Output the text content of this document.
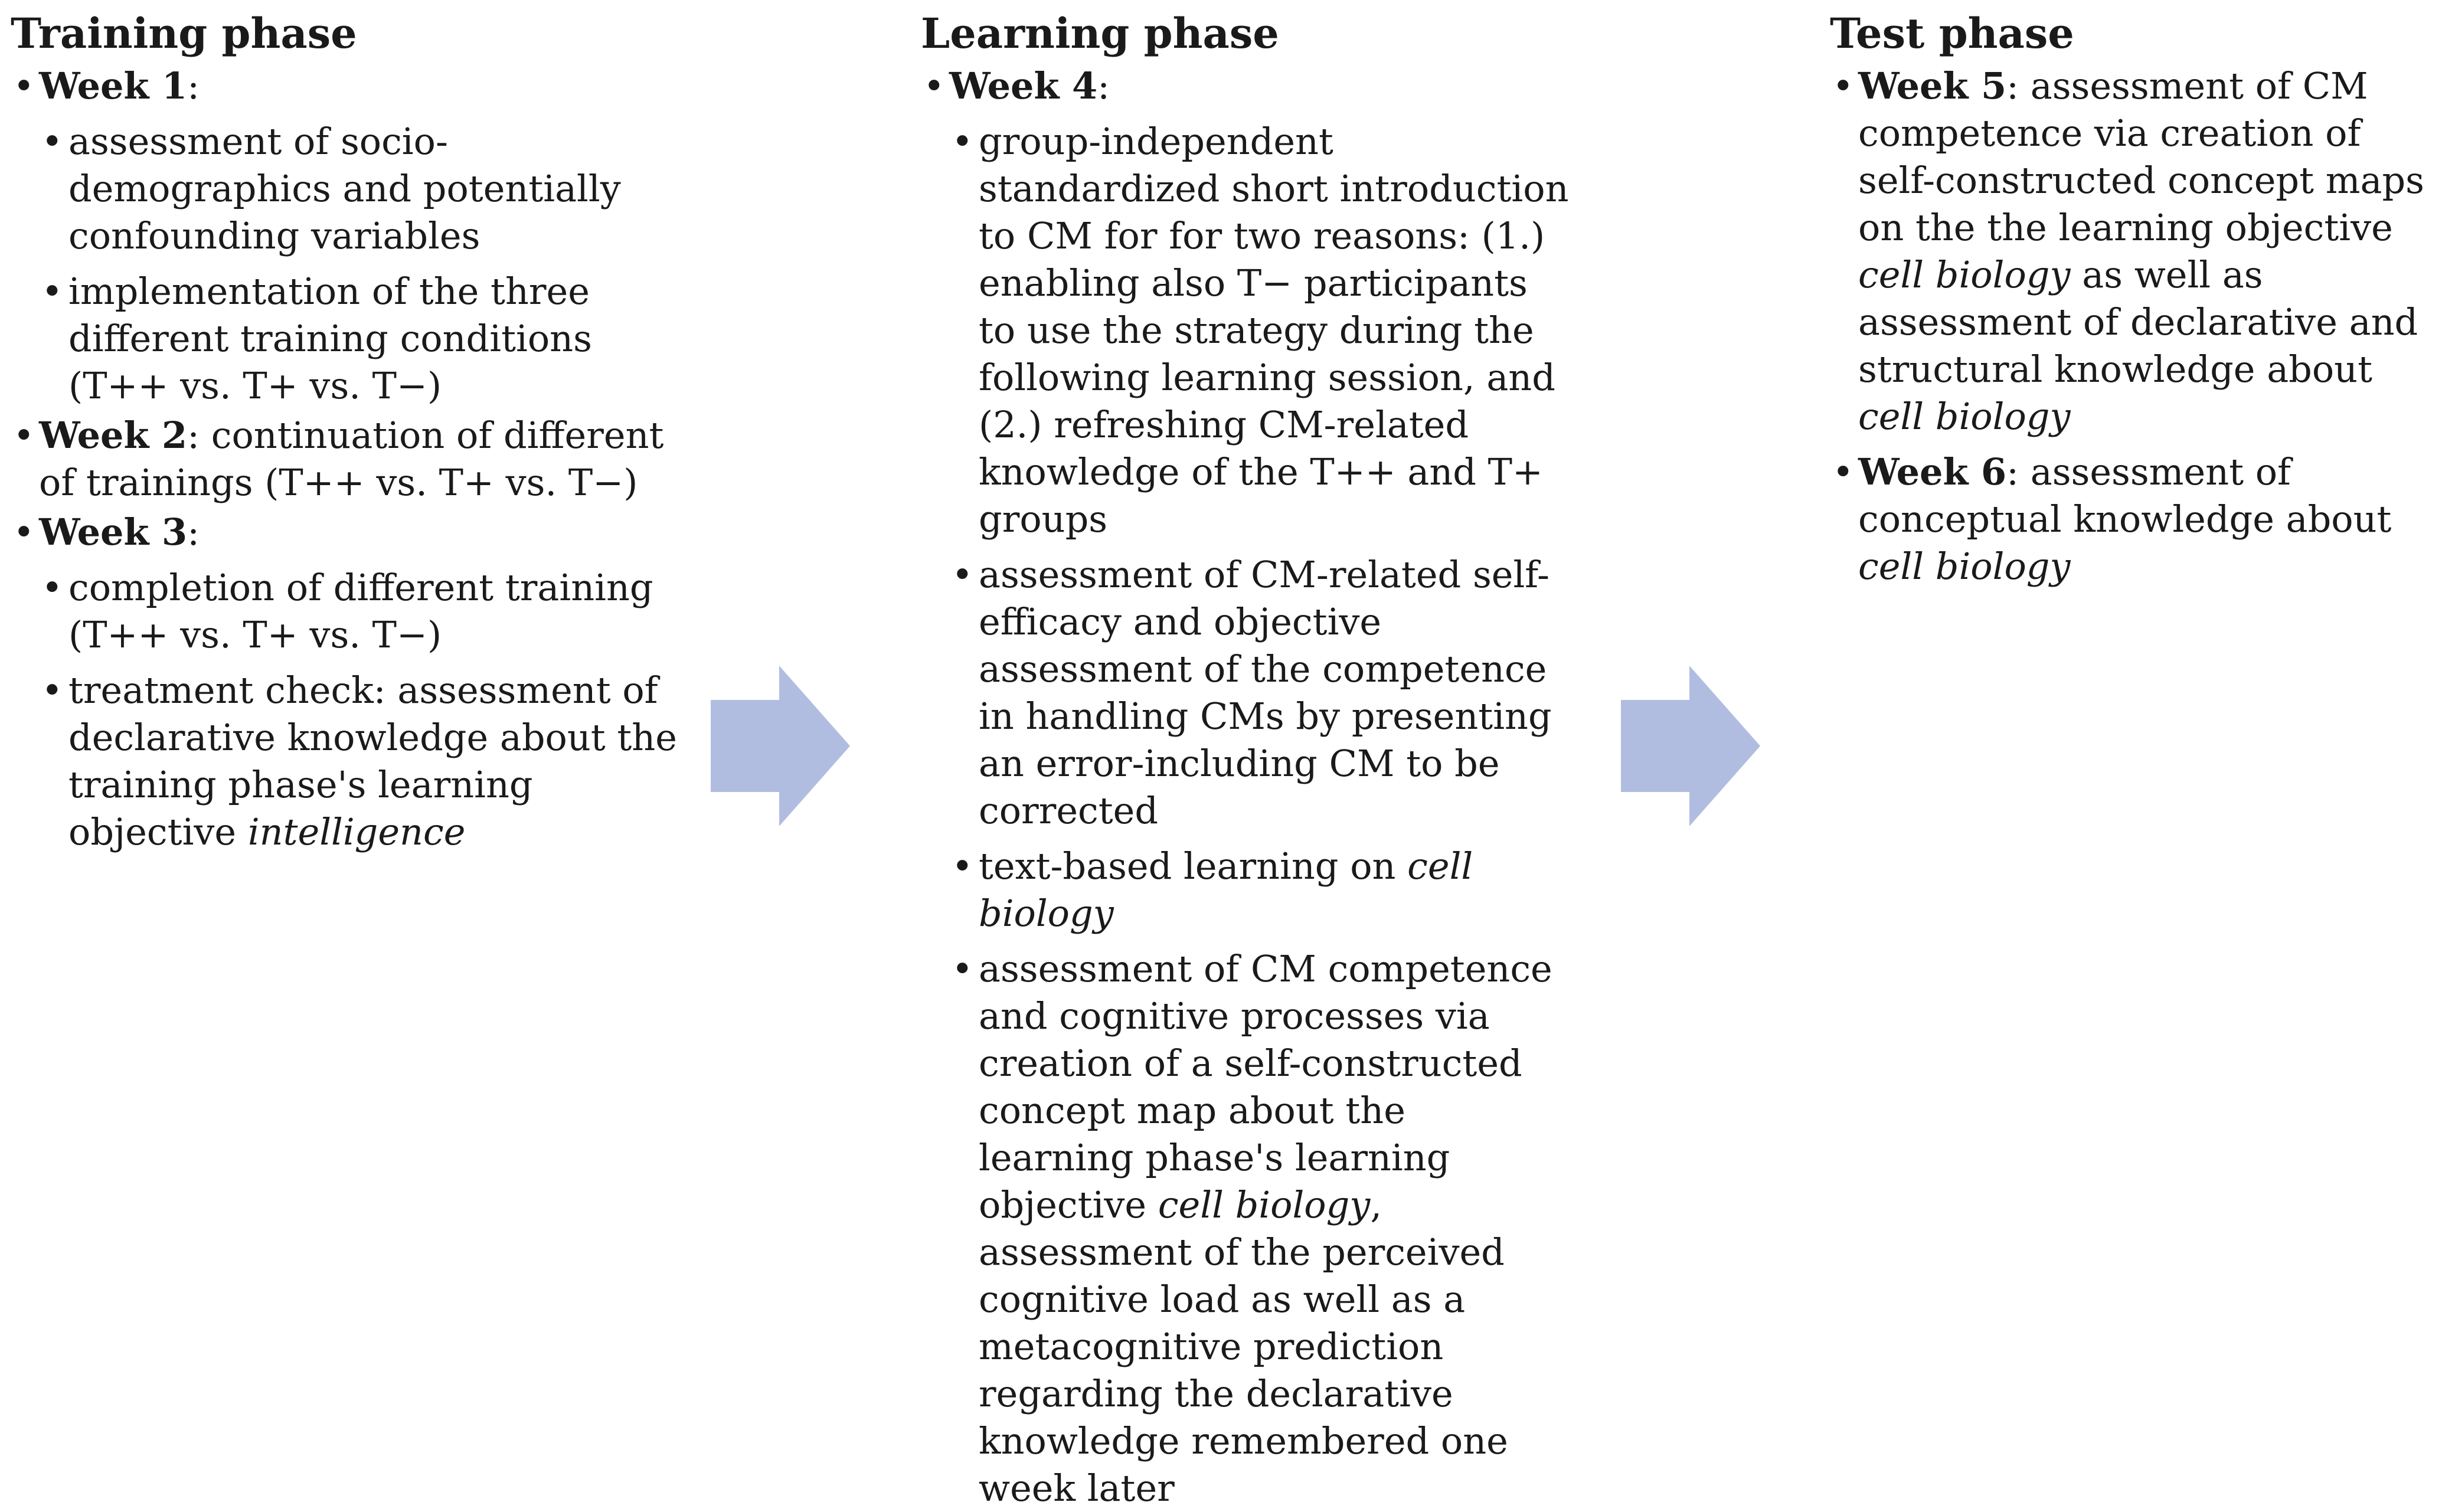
Training phase
• Week 1:
• assessment of socio-demographics and potentially confounding variables
• implementation of the three different training conditions (T++ vs. T+ vs. T−)
• Week 2: continuation of different of trainings (T++ vs. T+ vs. T−)
• Week 3:
• completion of different training (T++ vs. T+ vs. T−)
• treatment check: assessment of declarative knowledge about the training phase's learning objective intelligence
Learning phase
• Week 4:
• group-independent standardized short introduction to CM for for two reasons: (1.) enabling also T− participants to use the strategy during the following learning session, and (2.) refreshing CM-related knowledge of the T++ and T+ groups
• assessment of CM-related self-efficacy and objective assessment of the competence in handling CMs by presenting an error-including CM to be corrected
• text-based learning on cell biology
• assessment of CM competence and cognitive processes via creation of a self-constructed concept map about the learning phase's learning objective cell biology, assessment of the perceived cognitive load as well as a metacognitive prediction regarding the declarative knowledge remembered one week later
Test phase
• Week 5: assessment of CM competence via creation of self-constructed concept maps on the the learning objective cell biology as well as assessment of declarative and structural knowledge about cell biology
• Week 6: assessment of conceptual knowledge about cell biology
